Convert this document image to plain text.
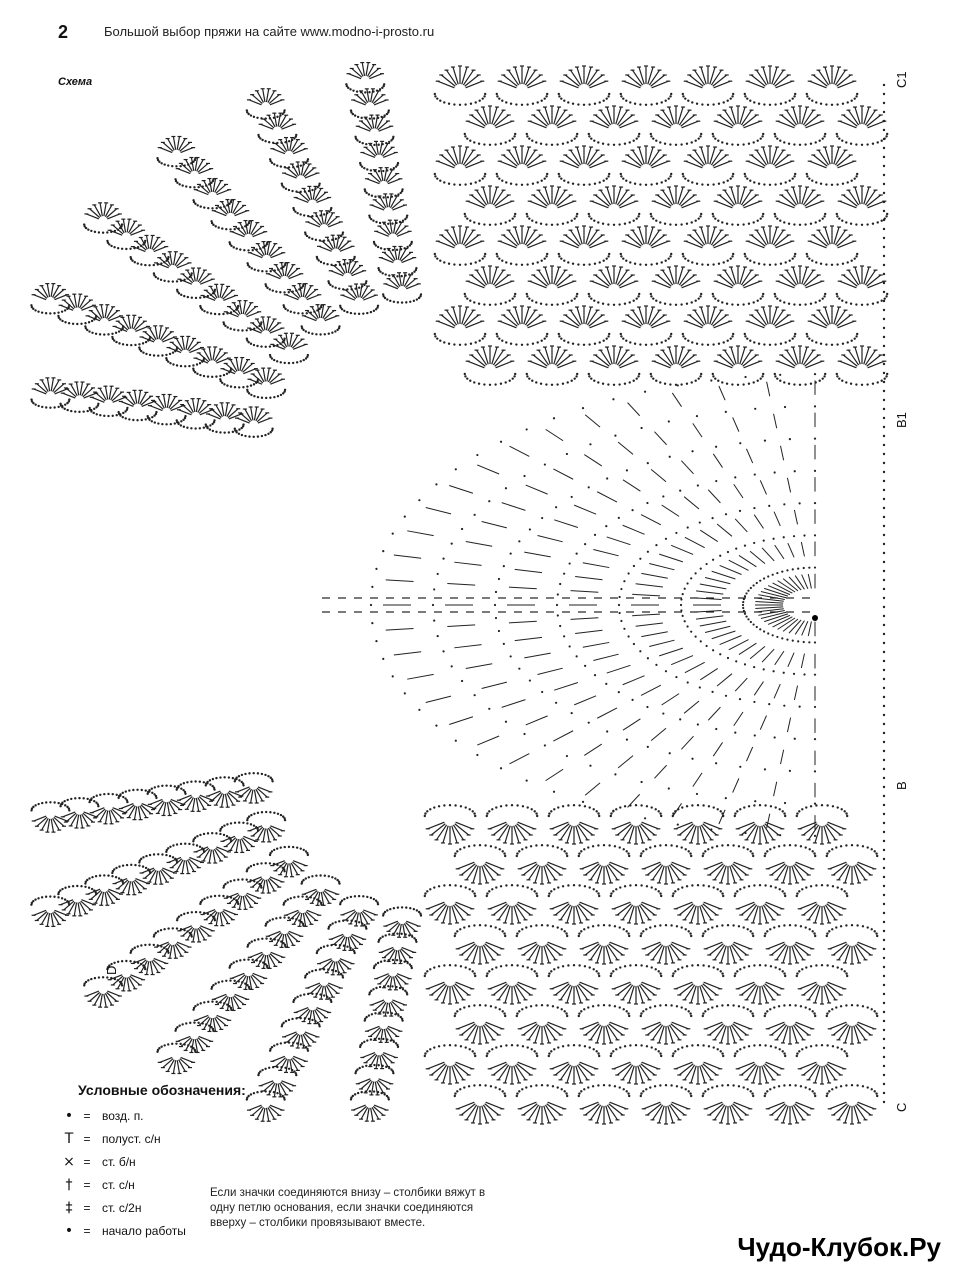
2	Большой выбор пряжи на сайте www.modno-i-prosto.ru
Схема	C1
B1
B
C
D
Условные обозначения:
• = возд. п.
T = полуст. с/н
× = ст. б/н
† = ст. с/н
‡ = ст. с/2н
• = начало работы
Если значки соединяются внизу – столбики вяжут в одну петлю основания, если значки соединяются вверху – столбики провязывают вместе.
Чудо-Клубок.Ру
